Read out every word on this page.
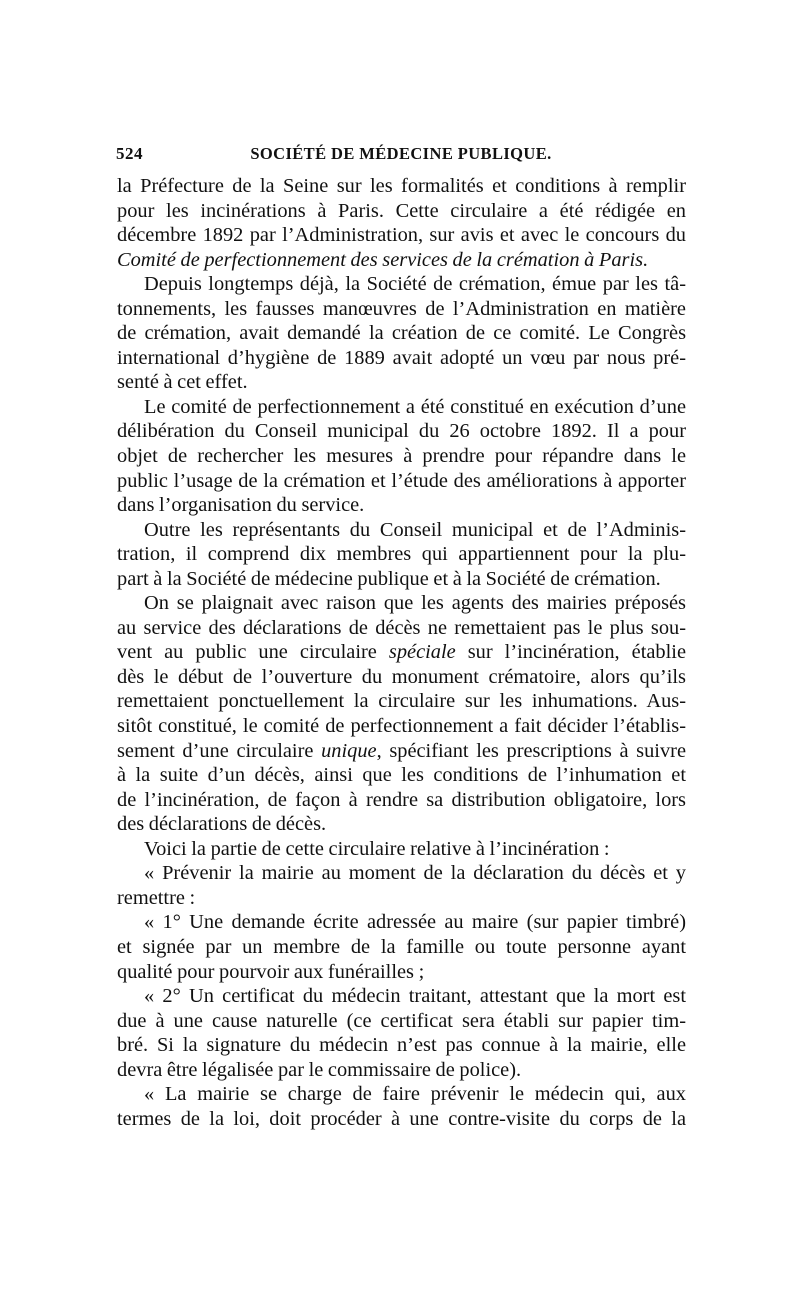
524	SOCIÉTÉ DE MÉDECINE PUBLIQUE.
la Préfecture de la Seine sur les formalités et conditions à remplir
pour les incinérations à Paris. Cette circulaire a été rédigée en
décembre 1892 par l’Administration, sur avis et avec le concours du
Comité de perfectionnement des services de la crémation à Paris.
Depuis longtemps déjà, la Société de crémation, émue par les tâ-
tonnements, les fausses manœuvres de l’Administration en matière
de crémation, avait demandé la création de ce comité. Le Congrès
international d’hygiène de 1889 avait adopté un vœu par nous pré-
senté à cet effet.
Le comité de perfectionnement a été constitué en exécution d’une
délibération du Conseil municipal du 26 octobre 1892. Il a pour
objet de rechercher les mesures à prendre pour répandre dans le
public l’usage de la crémation et l’étude des améliorations à apporter
dans l’organisation du service.
Outre les représentants du Conseil municipal et de l’Adminis-
tration, il comprend dix membres qui appartiennent pour la plu-
part à la Société de médecine publique et à la Société de crémation.
On se plaignait avec raison que les agents des mairies préposés
au service des déclarations de décès ne remettaient pas le plus sou-
vent au public une circulaire spéciale sur l’incinération, établie
dès le début de l’ouverture du monument crématoire, alors qu’ils
remettaient ponctuellement la circulaire sur les inhumations. Aus-
sitôt constitué, le comité de perfectionnement a fait décider l’établis-
sement d’une circulaire unique, spécifiant les prescriptions à suivre
à la suite d’un décès, ainsi que les conditions de l’inhumation et
de l’incinération, de façon à rendre sa distribution obligatoire, lors
des déclarations de décès.
Voici la partie de cette circulaire relative à l’incinération :
« Prévenir la mairie au moment de la déclaration du décès et y
remettre :
« 1° Une demande écrite adressée au maire (sur papier timbré)
et signée par un membre de la famille ou toute personne ayant
qualité pour pourvoir aux funérailles ;
« 2° Un certificat du médecin traitant, attestant que la mort est
due à une cause naturelle (ce certificat sera établi sur papier tim-
bré. Si la signature du médecin n’est pas connue à la mairie, elle
devra être légalisée par le commissaire de police).
« La mairie se charge de faire prévenir le médecin qui, aux
termes de la loi, doit procéder à une contre-visite du corps de la
